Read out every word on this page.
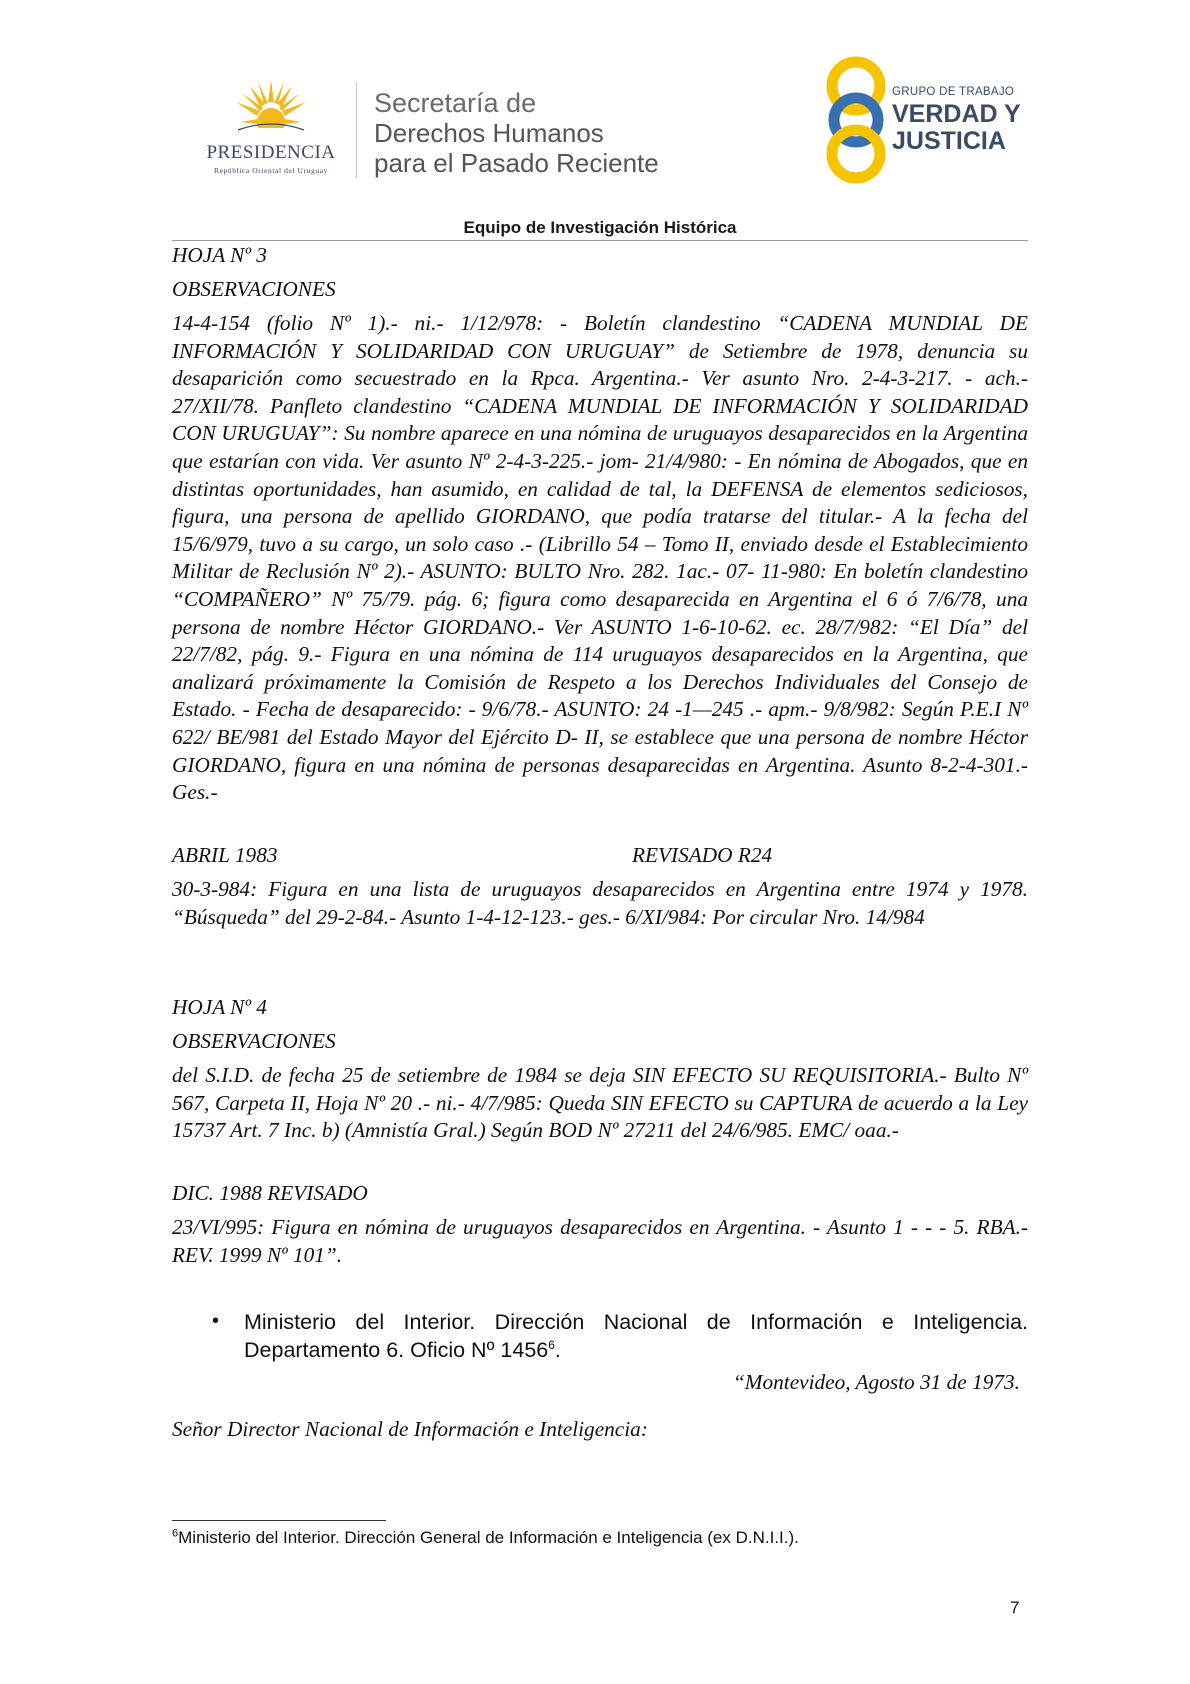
PRESIDENCIA
República Oriental del Uruguay
Secretaría de
Derechos Humanos
para el Pasado Reciente
GRUPO DE TRABAJO
VERDAD Y
JUSTICIA
Equipo de Investigación Histórica
HOJA Nº 3
OBSERVACIONES
14-4-154 (folio Nº 1).- ni.- 1/12/978: - Boletín clandestino “CADENA MUNDIAL DE INFORMACIÓN Y SOLIDARIDAD CON URUGUAY” de Setiembre de 1978, denuncia su desaparición como secuestrado en la Rpca. Argentina.- Ver asunto Nro. 2-4-3-217. - ach.- 27/XII/78. Panfleto clandestino “CADENA MUNDIAL DE INFORMACIÓN Y SOLIDARIDAD CON URUGUAY”: Su nombre aparece en una nómina de uruguayos desaparecidos en la Argentina que estarían con vida. Ver asunto Nº 2-4-3-225.- jom- 21/4/980: - En nómina de Abogados, que en distintas oportunidades, han asumido, en calidad de tal, la DEFENSA de elementos sediciosos, figura, una persona de apellido GIORDANO, que podía tratarse del titular.- A la fecha del 15/6/979, tuvo a su cargo, un solo caso .- (Librillo 54 – Tomo II, enviado desde el Establecimiento Militar de Reclusión Nº 2).- ASUNTO: BULTO Nro. 282. 1ac.- 07- 11-980: En boletín clandestino “COMPAÑERO” Nº 75/79. pág. 6; figura como desaparecida en Argentina el 6 ó 7/6/78, una persona de nombre Héctor GIORDANO.- Ver ASUNTO 1-6-10-62. ec. 28/7/982: “El Día” del 22/7/82, pág. 9.- Figura en una nómina de 114 uruguayos desaparecidos en la Argentina, que analizará próximamente la Comisión de Respeto a los Derechos Individuales del Consejo de Estado. - Fecha de desaparecido: - 9/6/78.- ASUNTO: 24 -1—245 .- apm.- 9/8/982: Según P.E.I Nº 622/ BE/981 del Estado Mayor del Ejército D- II, se establece que una persona de nombre Héctor GIORDANO, figura en una nómina de personas desaparecidas en Argentina. Asunto 8-2-4-301.- Ges.-
ABRIL 1983	REVISADO R24
30-3-984: Figura en una lista de uruguayos desaparecidos en Argentina entre 1974 y 1978. “Búsqueda” del 29-2-84.- Asunto 1-4-12-123.- ges.- 6/XI/984: Por circular Nro. 14/984
HOJA Nº 4
OBSERVACIONES
del S.I.D. de fecha 25 de setiembre de 1984 se deja SIN EFECTO SU REQUISITORIA.- Bulto Nº 567, Carpeta II, Hoja Nº 20 .- ni.- 4/7/985: Queda SIN EFECTO su CAPTURA de acuerdo a la Ley 15737 Art. 7 Inc. b) (Amnistía Gral.) Según BOD Nº 27211 del 24/6/985. EMC/ oaa.-
DIC. 1988 REVISADO
23/VI/995: Figura en nómina de uruguayos desaparecidos en Argentina. - Asunto 1 - - - 5. RBA.- REV. 1999 Nº 101”.
• Ministerio del Interior. Dirección Nacional de Información e Inteligencia. Departamento 6. Oficio Nº 1456$^6$.
“Montevideo, Agosto 31 de 1973.
Señor Director Nacional de Información e Inteligencia:
$^6$Ministerio del Interior. Dirección General de Información e Inteligencia (ex D.N.I.I.).
7
